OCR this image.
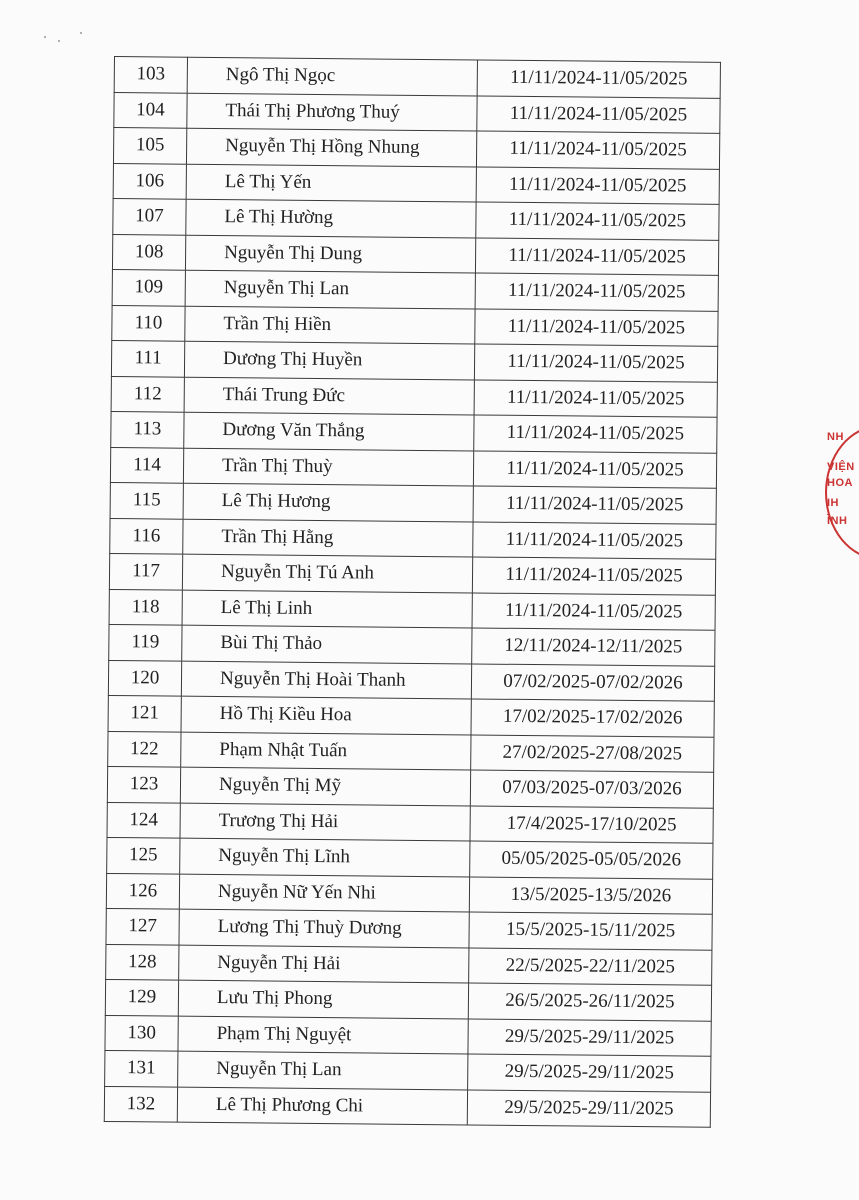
103	Ngô Thị Ngọc	11/11/2024-11/05/2025
104	Thái Thị Phương Thuý	11/11/2024-11/05/2025
105	Nguyễn Thị Hồng Nhung	11/11/2024-11/05/2025
106	Lê Thị Yến	11/11/2024-11/05/2025
107	Lê Thị Hường	11/11/2024-11/05/2025
108	Nguyễn Thị Dung	11/11/2024-11/05/2025
109	Nguyễn Thị Lan	11/11/2024-11/05/2025
110	Trần Thị Hiền	11/11/2024-11/05/2025
111	Dương Thị Huyền	11/11/2024-11/05/2025
112	Thái Trung Đức	11/11/2024-11/05/2025
113	Dương Văn Thắng	11/11/2024-11/05/2025
114	Trần Thị Thuỳ	11/11/2024-11/05/2025
115	Lê Thị Hương	11/11/2024-11/05/2025
116	Trần Thị Hằng	11/11/2024-11/05/2025
117	Nguyễn Thị Tú Anh	11/11/2024-11/05/2025
118	Lê Thị Linh	11/11/2024-11/05/2025
119	Bùi Thị Thảo	12/11/2024-12/11/2025
120	Nguyễn Thị Hoài Thanh	07/02/2025-07/02/2026
121	Hồ Thị Kiều Hoa	17/02/2025-17/02/2026
122	Phạm Nhật Tuấn	27/02/2025-27/08/2025
123	Nguyễn Thị Mỹ	07/03/2025-07/03/2026
124	Trương Thị Hải	17/4/2025-17/10/2025
125	Nguyễn Thị Lĩnh	05/05/2025-05/05/2026
126	Nguyễn Nữ Yến Nhi	13/5/2025-13/5/2026
127	Lương Thị Thuỳ Dương	15/5/2025-15/11/2025
128	Nguyễn Thị Hải	22/5/2025-22/11/2025
129	Lưu Thị Phong	26/5/2025-26/11/2025
130	Phạm Thị Nguyệt	29/5/2025-29/11/2025
131	Nguyễn Thị Lan	29/5/2025-29/11/2025
132	Lê Thị Phương Chi	29/5/2025-29/11/2025
NH
VIỆN
HOA
IH
ÌNH
